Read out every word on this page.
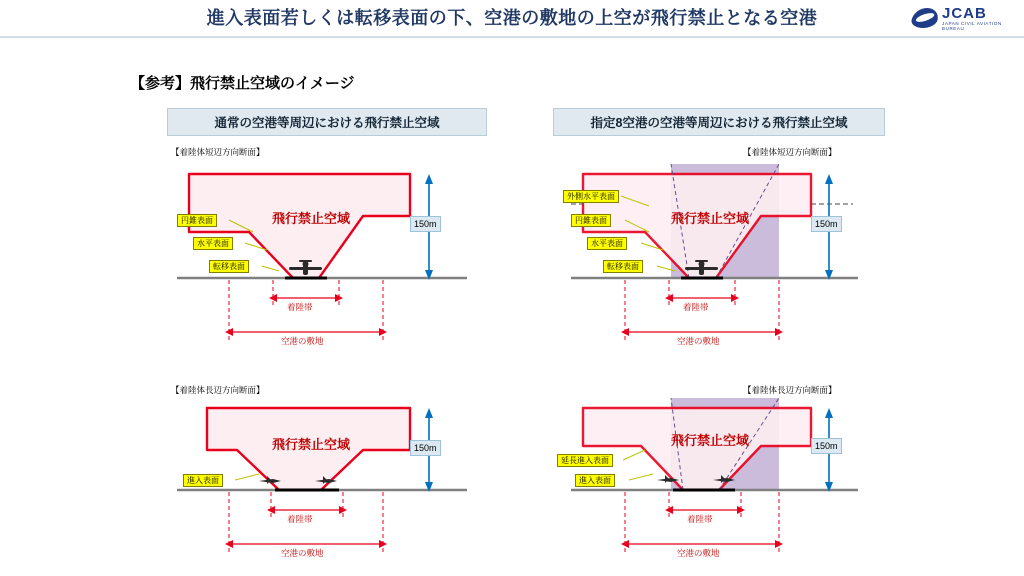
進入表面若しくは転移表面の下、空港の敷地の上空が飛行禁止となる空港	JCAB
JAPAN CIVIL AVIATION BUREAU
【参考】飛行禁止空域のイメージ
通常の空港等周辺における飛行禁止空域	指定8空港の空港等周辺における飛行禁止空域
【着陸体短辺方向断面】
飛行禁止空域	150m
円錐表面
水平表面
転移表面
着陸帯
空港の敷地
【着陸体短辺方向断面】
飛行禁止空域	150m
外側水平表面
円錐表面
水平表面
転移表面
着陸帯
空港の敷地
【着陸体長辺方向断面】
飛行禁止空域	150m
進入表面
着陸帯
空港の敷地
【着陸体長辺方向断面】
飛行禁止空域	150m
延長進入表面
進入表面
着陸帯
空港の敷地
